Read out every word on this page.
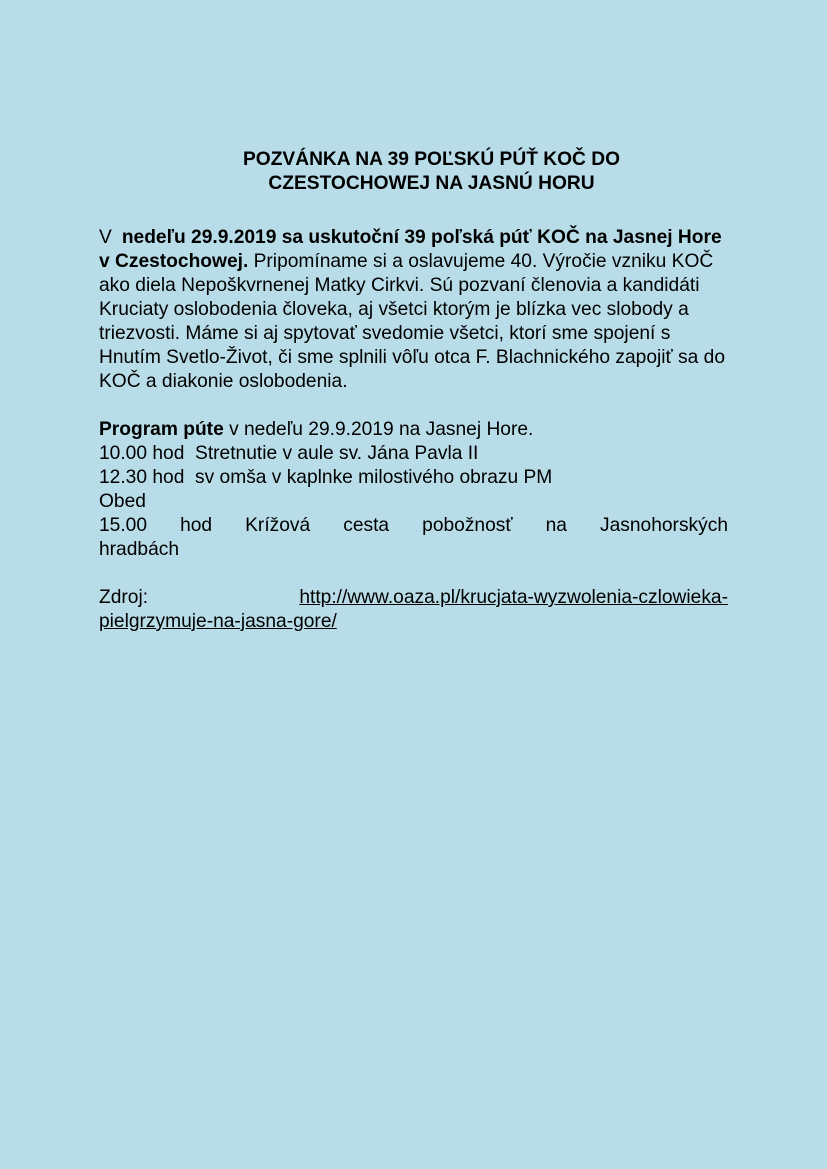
POZVÁNKA NA 39 POĽSKÚ PÚŤ KOČ DO
CZESTOCHOWEJ NA JASNÚ HORU

V nedeľu 29.9.2019 sa uskutoční 39 poľská púť KOČ na Jasnej Hore v Czestochowej. Pripomíname si a oslavujeme 40. Výročie vzniku KOČ ako diela Nepoškvrnenej Matky Cirkvi. Sú pozvaní členovia a kandidáti Kruciaty oslobodenia človeka, aj všetci ktorým je blízka vec slobody a triezvosti. Máme si aj spytovať svedomie všetci, ktorí sme spojení s Hnutím Svetlo-Život, či sme splnili vôľu otca F. Blachnického zapojiť sa do KOČ a diakonie oslobodenia.

Program púte v nedeľu 29.9.2019 na Jasnej Hore.
10.00 hod  Stretnutie v aule sv. Jána Pavla II
12.30 hod  sv omša v kaplnke milostivého obrazu PM
Obed
15.00 hod Krížová cesta pobožnosť na Jasnohorských
hradbách
Zdroj:	http://www.oaza.pl/krucjata-wyzwolenia-czlowieka-
pielgrzymuje-na-jasna-gore/
